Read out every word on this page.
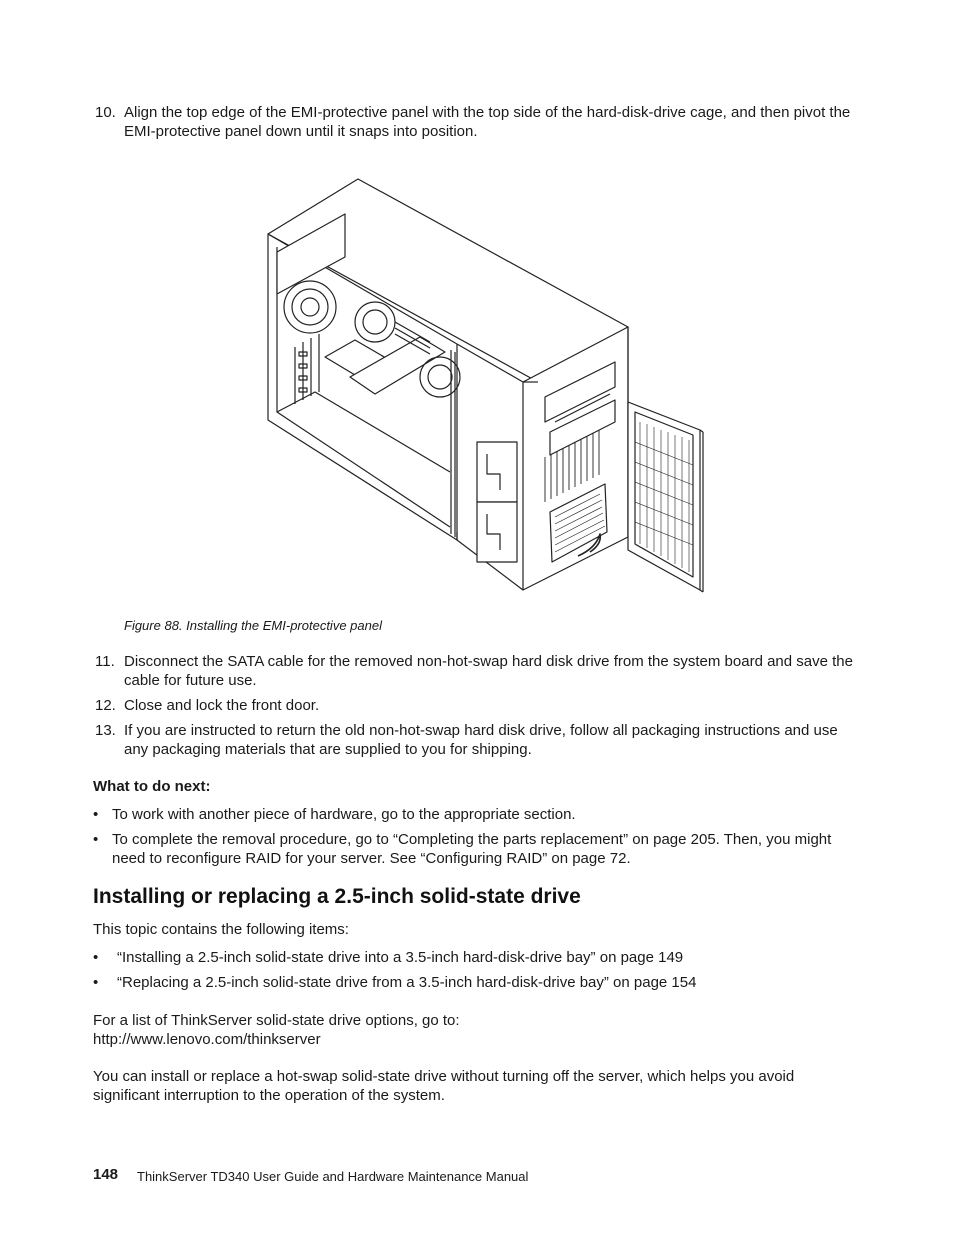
10. Align the top edge of the EMI-protective panel with the top side of the hard-disk-drive cage, and then pivot the EMI-protective panel down until it snaps into position.

Figure 88. Installing the EMI-protective panel

11. Disconnect the SATA cable for the removed non-hot-swap hard disk drive from the system board and save the cable for future use.

12. Close and lock the front door.

13. If you are instructed to return the old non-hot-swap hard disk drive, follow all packaging instructions and use any packaging materials that are supplied to you for shipping.

What to do next:

• To work with another piece of hardware, go to the appropriate section.

• To complete the removal procedure, go to “Completing the parts replacement” on page 205. Then, you might need to reconfigure RAID for your server. See “Configuring RAID” on page 72.

Installing or replacing a 2.5-inch solid-state drive

This topic contains the following items:

• “Installing a 2.5-inch solid-state drive into a 3.5-inch hard-disk-drive bay” on page 149

• “Replacing a 2.5-inch solid-state drive from a 3.5-inch hard-disk-drive bay” on page 154

For a list of ThinkServer solid-state drive options, go to:

http://www.lenovo.com/thinkserver

You can install or replace a hot-swap solid-state drive without turning off the server, which helps you avoid significant interruption to the operation of the system.

148 ThinkServer TD340 User Guide and Hardware Maintenance Manual
